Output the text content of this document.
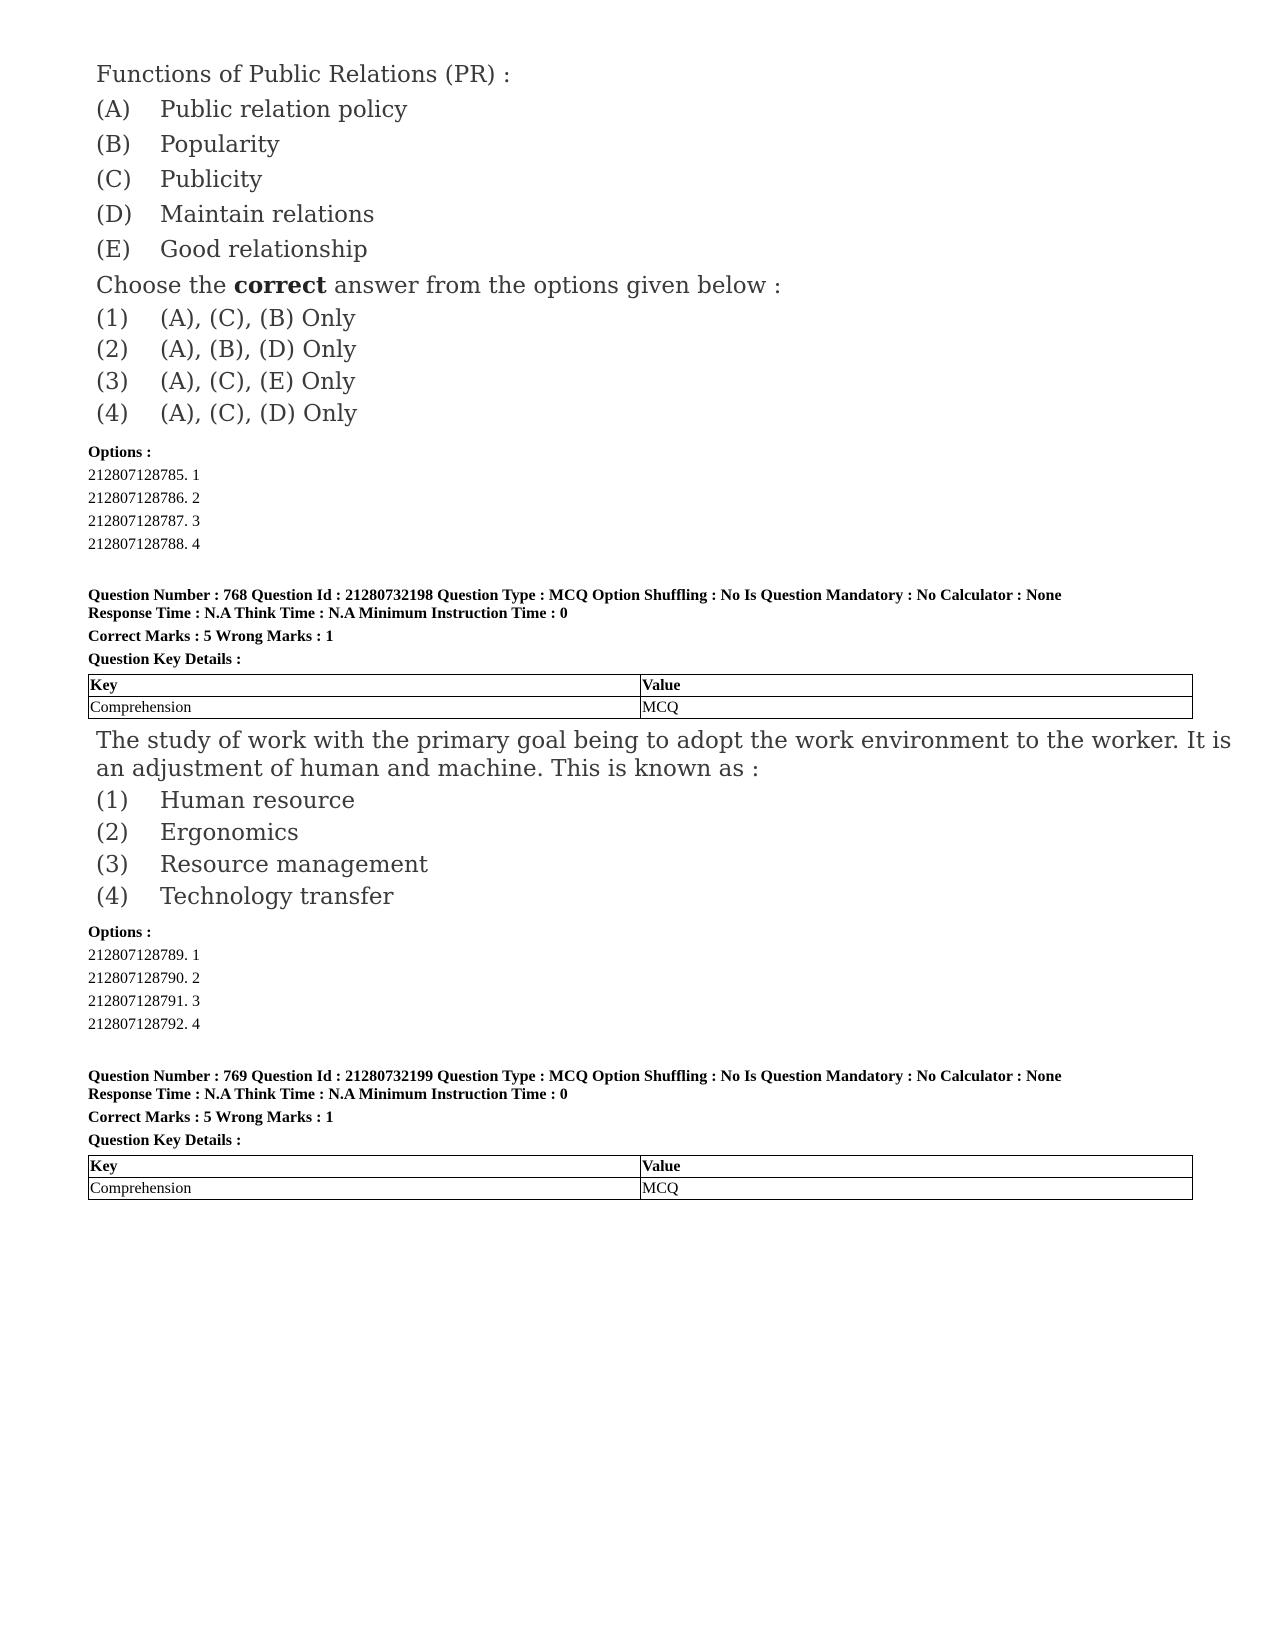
Functions of Public Relations (PR) :
(A) Public relation policy
(B) Popularity
(C) Publicity
(D) Maintain relations
(E) Good relationship
Choose the correct answer from the options given below :
(1) (A), (C), (B) Only
(2) (A), (B), (D) Only
(3) (A), (C), (E) Only
(4) (A), (C), (D) Only
Options :
212807128785. 1
212807128786. 2
212807128787. 3
212807128788. 4
Question Number : 768 Question Id : 21280732198 Question Type : MCQ Option Shuffling : No Is Question Mandatory : No Calculator : None
Response Time : N.A Think Time : N.A Minimum Instruction Time : 0
Correct Marks : 5 Wrong Marks : 1
Question Key Details :
Key	Value
Comprehension	MCQ
The study of work with the primary goal being to adopt the work environment to the worker. It is
an adjustment of human and machine. This is known as :
(1) Human resource
(2) Ergonomics
(3) Resource management
(4) Technology transfer
Options :
212807128789. 1
212807128790. 2
212807128791. 3
212807128792. 4
Question Number : 769 Question Id : 21280732199 Question Type : MCQ Option Shuffling : No Is Question Mandatory : No Calculator : None
Response Time : N.A Think Time : N.A Minimum Instruction Time : 0
Correct Marks : 5 Wrong Marks : 1
Question Key Details :
Key	Value
Comprehension	MCQ
